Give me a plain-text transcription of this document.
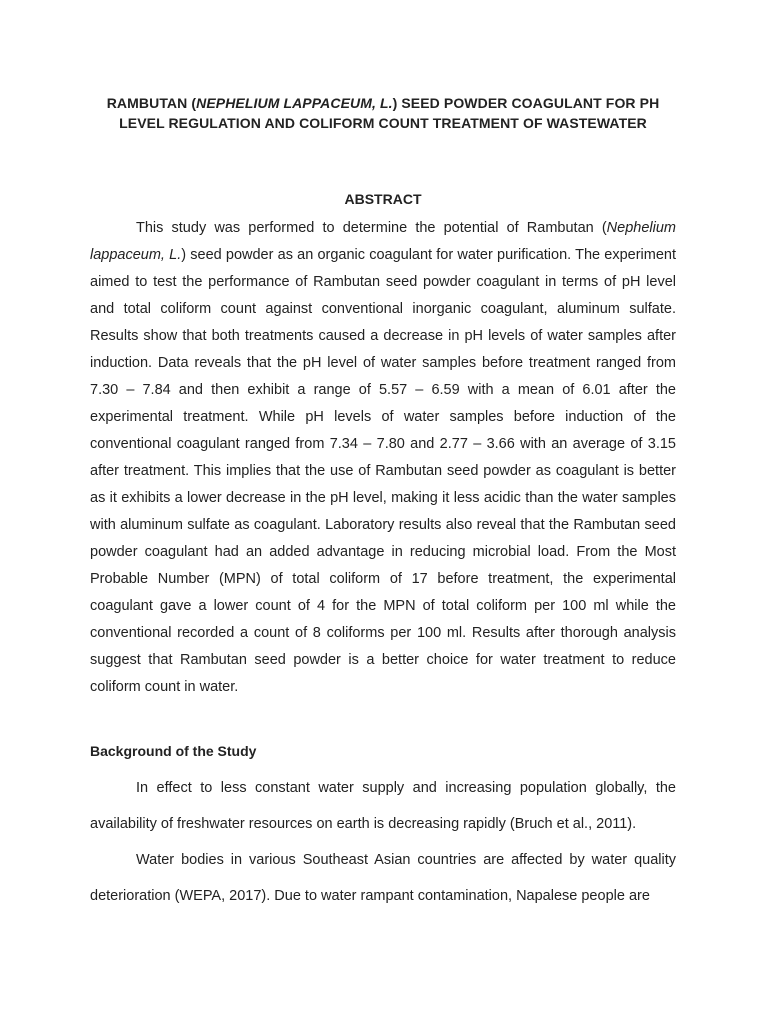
RAMBUTAN (NEPHELIUM LAPPACEUM, L.) SEED POWDER COAGULANT FOR PH LEVEL REGULATION AND COLIFORM COUNT TREATMENT OF WASTEWATER
ABSTRACT

This study was performed to determine the potential of Rambutan (Nephelium lappaceum, L.) seed powder as an organic coagulant for water purification. The experiment aimed to test the performance of Rambutan seed powder coagulant in terms of pH level and total coliform count against conventional inorganic coagulant, aluminum sulfate. Results show that both treatments caused a decrease in pH levels of water samples after induction. Data reveals that the pH level of water samples before treatment ranged from 7.30 – 7.84 and then exhibit a range of 5.57 – 6.59 with a mean of 6.01 after the experimental treatment. While pH levels of water samples before induction of the conventional coagulant ranged from 7.34 – 7.80 and 2.77 – 3.66 with an average of 3.15 after treatment. This implies that the use of Rambutan seed powder as coagulant is better as it exhibits a lower decrease in the pH level, making it less acidic than the water samples with aluminum sulfate as coagulant. Laboratory results also reveal that the Rambutan seed powder coagulant had an added advantage in reducing microbial load. From the Most Probable Number (MPN) of total coliform of 17 before treatment, the experimental coagulant gave a lower count of 4 for the MPN of total coliform per 100 ml while the conventional recorded a count of 8 coliforms per 100 ml. Results after thorough analysis suggest that Rambutan seed powder is a better choice for water treatment to reduce coliform count in water.

Background of the Study

In effect to less constant water supply and increasing population globally, the availability of freshwater resources on earth is decreasing rapidly (Bruch et al., 2011).

Water bodies in various Southeast Asian countries are affected by water quality deterioration (WEPA, 2017). Due to water rampant contamination, Napalese people are
